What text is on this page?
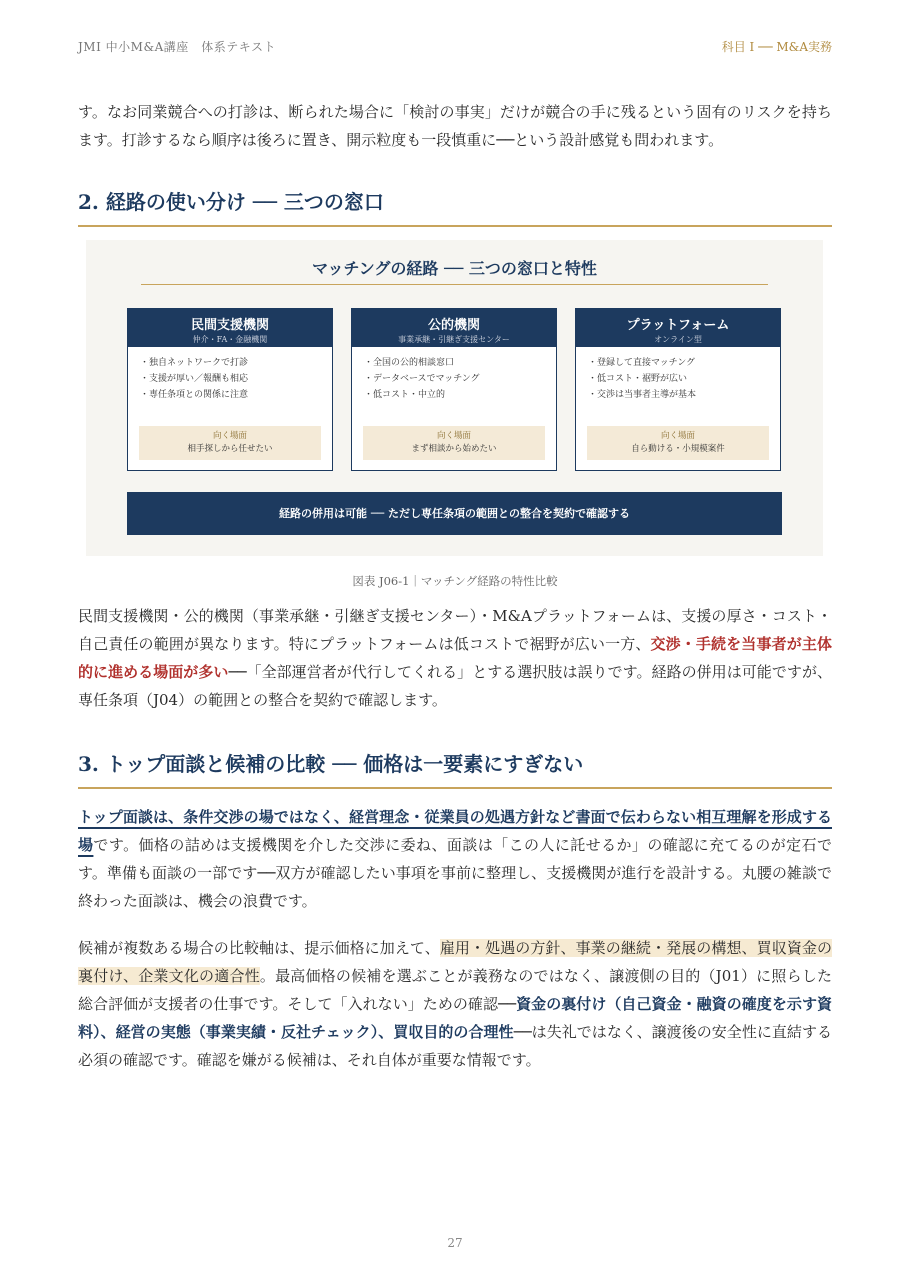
JMI 中小M&A講座　体系テキスト	科目 I ── M&A実務

す。なお同業競合への打診は、断られた場合に「検討の事実」だけが競合の手に残るという固有のリスクを持ちます。打診するなら順序は後ろに置き、開示粒度も一段慎重に──という設計感覚も問われます。

2. 経路の使い分け ── 三つの窓口
マッチングの経路 ── 三つの窓口と特性
民間支援機関
仲介・FA・金融機関
・独自ネットワークで打診
・支援が厚い／報酬も相応
・専任条項との関係に注意
向く場面
相手探しから任せたい
公的機関
事業承継・引継ぎ支援センター
・全国の公的相談窓口
・データベースでマッチング
・低コスト・中立的
向く場面
まず相談から始めたい
プラットフォーム
オンライン型
・登録して直接マッチング
・低コスト・裾野が広い
・交渉は当事者主導が基本
向く場面
自ら動ける・小規模案件
経路の併用は可能 ── ただし専任条項の範囲との整合を契約で確認する
図表 J06-1｜マッチング経路の特性比較

民間支援機関・公的機関（事業承継・引継ぎ支援センター）・M&Aプラットフォームは、支援の厚さ・コスト・自己責任の範囲が異なります。特にプラットフォームは低コストで裾野が広い一方、交渉・手続を当事者が主体的に進める場面が多い──「全部運営者が代行してくれる」とする選択肢は誤りです。経路の併用は可能ですが、専任条項（J04）の範囲との整合を契約で確認します。

3. トップ面談と候補の比較 ── 価格は一要素にすぎない

トップ面談は、条件交渉の場ではなく、経営理念・従業員の処遇方針など書面で伝わらない相互理解を形成する場です。価格の詰めは支援機関を介した交渉に委ね、面談は「この人に託せるか」の確認に充てるのが定石です。準備も面談の一部です──双方が確認したい事項を事前に整理し、支援機関が進行を設計する。丸腰の雑談で終わった面談は、機会の浪費です。

候補が複数ある場合の比較軸は、提示価格に加えて、雇用・処遇の方針、事業の継続・発展の構想、買収資金の裏付け、企業文化の適合性。最高価格の候補を選ぶことが義務なのではなく、譲渡側の目的（J01）に照らした総合評価が支援者の仕事です。そして「入れない」ための確認──資金の裏付け（自己資金・融資の確度を示す資料）、経営の実態（事業実績・反社チェック）、買収目的の合理性──は失礼ではなく、譲渡後の安全性に直結する必須の確認です。確認を嫌がる候補は、それ自体が重要な情報です。

27
